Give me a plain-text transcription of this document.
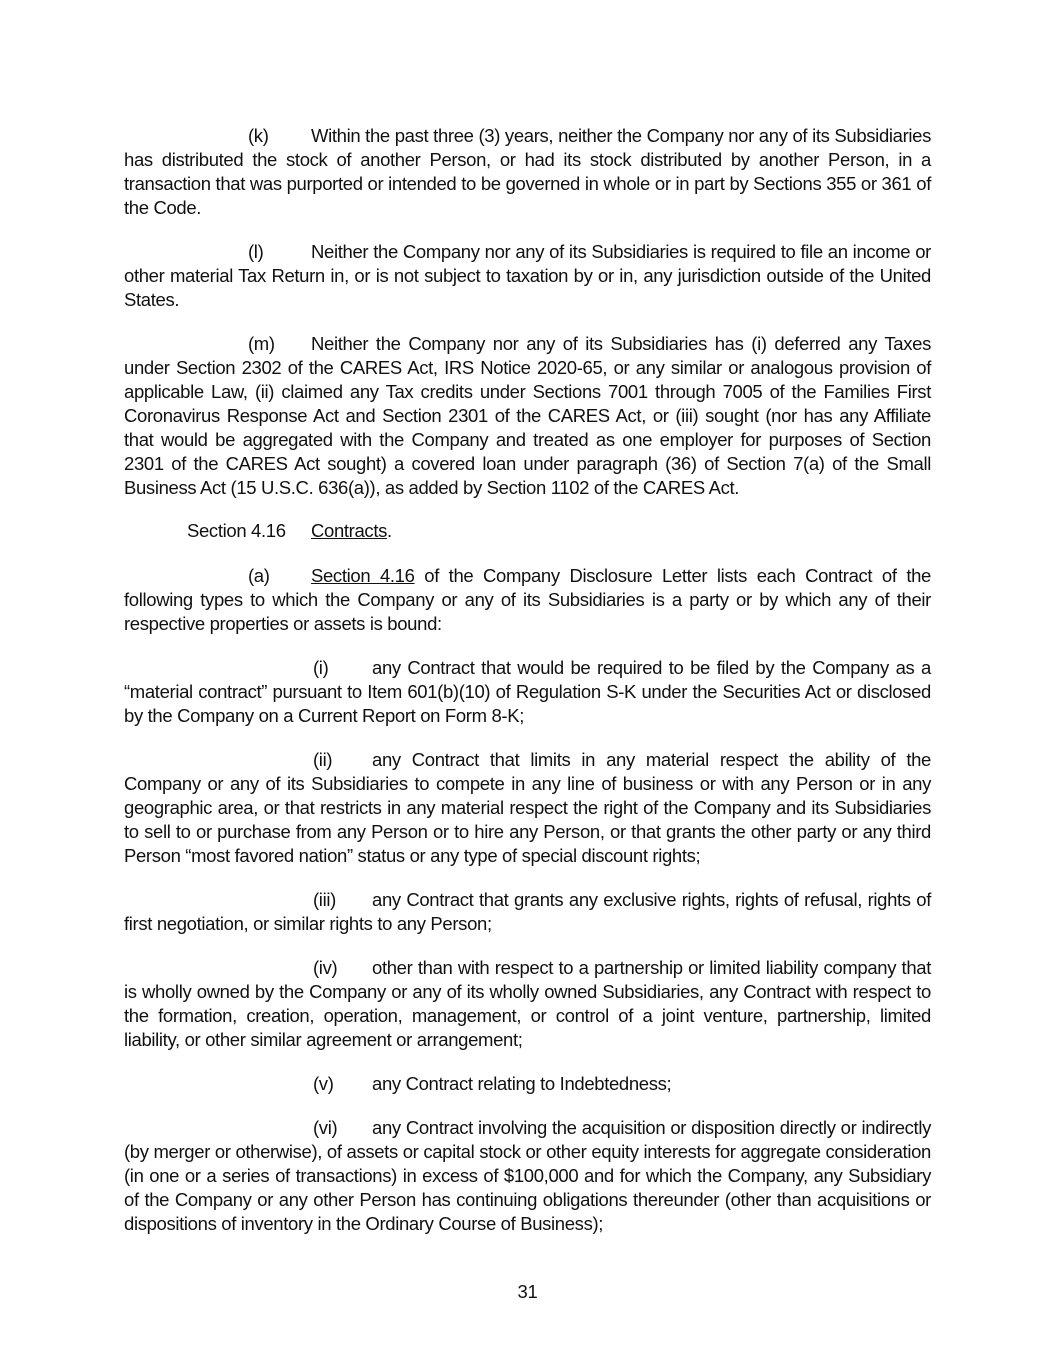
(k) Within the past three (3) years, neither the Company nor any of its Subsidiaries has distributed the stock of another Person, or had its stock distributed by another Person, in a transaction that was purported or intended to be governed in whole or in part by Sections 355 or 361 of the Code.

(l)	Neither the Company nor any of its Subsidiaries is required to file an income or other material Tax Return in, or is not subject to taxation by or in, any jurisdiction outside of the United States.

(m) Neither the Company nor any of its Subsidiaries has (i) deferred any Taxes under Section 2302 of the CARES Act, IRS Notice 2020-65, or any similar or analogous provision of applicable Law, (ii) claimed any Tax credits under Sections 7001 through 7005 of the Families First Coronavirus Response Act and Section 2301 of the CARES Act, or (iii) sought (nor has any Affiliate that would be aggregated with the Company and treated as one employer for purposes of Section 2301 of the CARES Act sought) a covered loan under paragraph (36) of Section 7(a) of the Small Business Act (15 U.S.C. 636(a)), as added by Section 1102 of the CARES Act.

Section 4.16 Contracts.

(a) Section 4.16 of the Company Disclosure Letter lists each Contract of the following types to which the Company or any of its Subsidiaries is a party or by which any of their respective properties or assets is bound:

(i) any Contract that would be required to be filed by the Company as a “material contract” pursuant to Item 601(b)(10) of Regulation S-K under the Securities Act or disclosed by the Company on a Current Report on Form 8-K;

(ii) any Contract that limits in any material respect the ability of the Company or any of its Subsidiaries to compete in any line of business or with any Person or in any geographic area, or that restricts in any material respect the right of the Company and its Subsidiaries to sell to or purchase from any Person or to hire any Person, or that grants the other party or any third Person “most favored nation” status or any type of special discount rights;

(iii) any Contract that grants any exclusive rights, rights of refusal, rights of first negotiation, or similar rights to any Person;

(iv) other than with respect to a partnership or limited liability company that is wholly owned by the Company or any of its wholly owned Subsidiaries, any Contract with respect to the formation, creation, operation, management, or control of a joint venture, partnership, limited liability, or other similar agreement or arrangement;

(v) any Contract relating to Indebtedness;

(vi) any Contract involving the acquisition or disposition directly or indirectly (by merger or otherwise), of assets or capital stock or other equity interests for aggregate consideration (in one or a series of transactions) in excess of $100,000 and for which the Company, any Subsidiary of the Company or any other Person has continuing obligations thereunder (other than acquisitions or dispositions of inventory in the Ordinary Course of Business);

31
